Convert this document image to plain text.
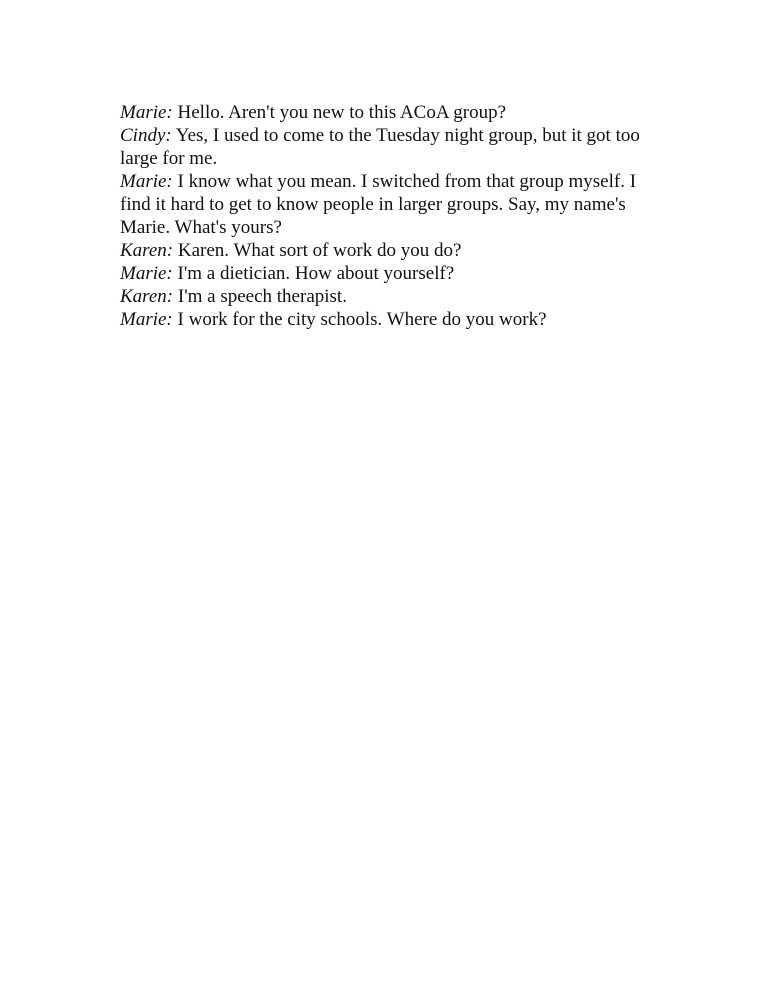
Marie: Hello. Aren't you new to this ACoA group?

Cindy: Yes, I used to come to the Tuesday night group, but it got too large for me.

Marie: I know what you mean. I switched from that group myself. I find it hard to get to know people in larger groups. Say, my name's Marie. What's yours?

Karen: Karen. What sort of work do you do?

Marie: I'm a dietician. How about yourself?

Karen: I'm a speech therapist.

Marie: I work for the city schools. Where do you work?
